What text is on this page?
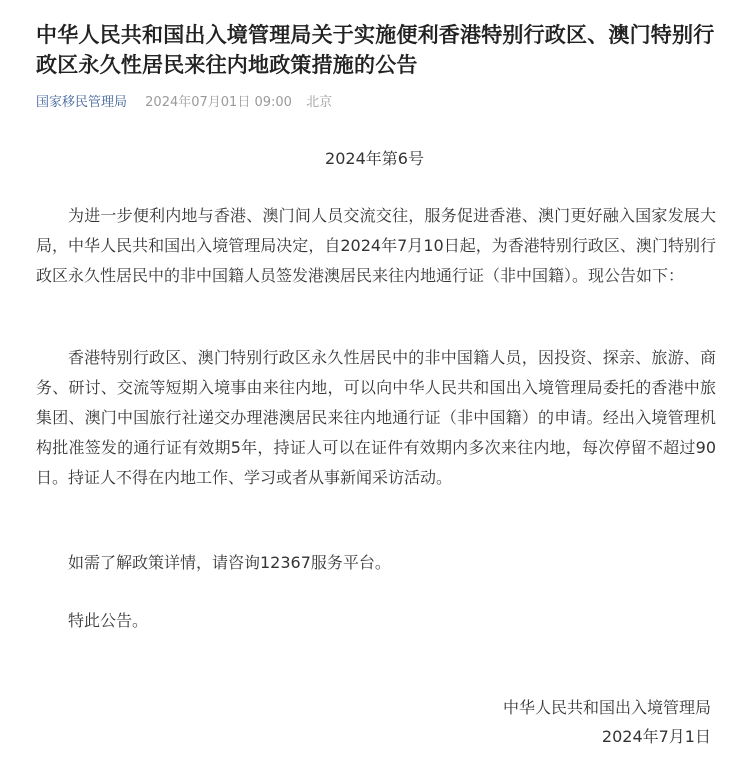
中华人民共和国出入境管理局关于实施便利香港特别行政区、澳门特别行政区永久性居民来往内地政策措施的公告
国家移民管理局 2024年07月01日 09:00 北京
2024年第6号

为进一步便利内地与香港、澳门间人员交流交往，服务促进香港、澳门更好融入国家发展大局，中华人民共和国出入境管理局决定，自2024年7月10日起，为香港特别行政区、澳门特别行政区永久性居民中的非中国籍人员签发港澳居民来往内地通行证（非中国籍）。现公告如下：

香港特别行政区、澳门特别行政区永久性居民中的非中国籍人员，因投资、探亲、旅游、商务、研讨、交流等短期入境事由来往内地，可以向中华人民共和国出入境管理局委托的香港中旅集团、澳门中国旅行社递交办理港澳居民来往内地通行证（非中国籍）的申请。经出入境管理机构批准签发的通行证有效期5年，持证人可以在证件有效期内多次来往内地，每次停留不超过90日。持证人不得在内地工作、学习或者从事新闻采访活动。

如需了解政策详情，请咨询12367服务平台。

特此公告。

中华人民共和国出入境管理局
2024年7月1日
